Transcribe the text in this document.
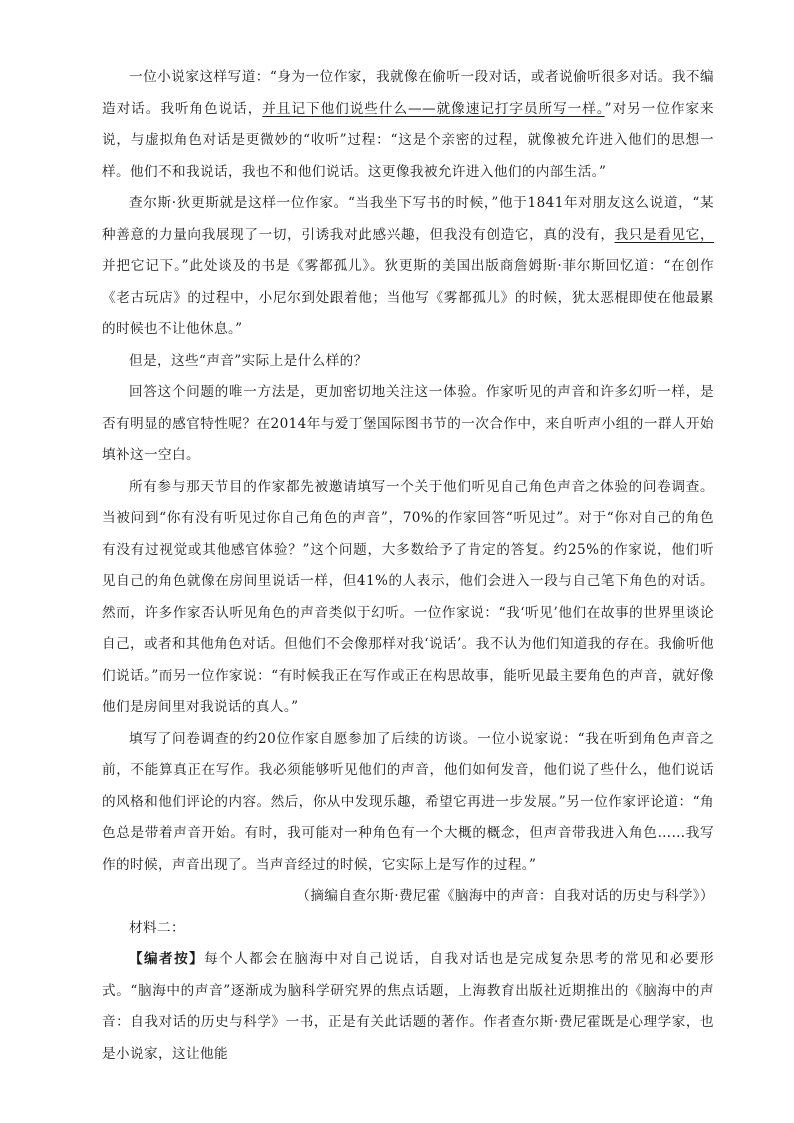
一位小说家这样写道：“身为一位作家，我就像在偷听一段对话，或者说偷听很多对话。我不编造对话。我听角色说话，并且记下他们说些什么——就像速记打字员所写一样。”对另一位作家来说，与虚拟角色对话是更微妙的“收听”过程：“这是个亲密的过程，就像被允许进入他们的思想一样。他们不和我说话，我也不和他们说话。这更像我被允许进入他们的内部生活。”

查尔斯·狄更斯就是这样一位作家。“当我坐下写书的时候，”他于1841年对朋友这么说道，“某种善意的力量向我展现了一切，引诱我对此感兴趣，但我没有创造它，真的没有，我只是看见它，并把它记下。”此处谈及的书是《雾都孤儿》。狄更斯的美国出版商詹姆斯·菲尔斯回忆道：“在创作《老古玩店》的过程中，小尼尔到处跟着他；当他写《雾都孤儿》的时候，犹太恶棍即使在他最累的时候也不让他休息。”

但是，这些“声音”实际上是什么样的？

回答这个问题的唯一方法是，更加密切地关注这一体验。作家听见的声音和许多幻听一样，是否有明显的感官特性呢？在2014年与爱丁堡国际图书节的一次合作中，来自听声小组的一群人开始填补这一空白。

所有参与那天节目的作家都先被邀请填写一个关于他们听见自己角色声音之体验的问卷调查。当被问到“你有没有听见过你自己角色的声音”，70%的作家回答“听见过”。对于“你对自己的角色有没有过视觉或其他感官体验？”这个问题，大多数给予了肯定的答复。约25%的作家说，他们听见自己的角色就像在房间里说话一样，但41%的人表示，他们会进入一段与自己笔下角色的对话。然而，许多作家否认听见角色的声音类似于幻听。一位作家说：“我‘听见’他们在故事的世界里谈论自己，或者和其他角色对话。但他们不会像那样对我‘说话’。我不认为他们知道我的存在。我偷听他们说话。”而另一位作家说：“有时候我正在写作或正在构思故事，能听见最主要角色的声音，就好像他们是房间里对我说话的真人。”

填写了问卷调查的约20位作家自愿参加了后续的访谈。一位小说家说：“我在听到角色声音之前，不能算真正在写作。我必须能够听见他们的声音，他们如何发音，他们说了些什么，他们说话的风格和他们评论的内容。然后，你从中发现乐趣，希望它再进一步发展。”另一位作家评论道：“角色总是带着声音开始。有时，我可能对一种角色有一个大概的概念，但声音带我进入角色……我写作的时候，声音出现了。当声音经过的时候，它实际上是写作的过程。”

（摘编自查尔斯·费尼霍《脑海中的声音：自我对话的历史与科学》）

材料二：

【编者按】每个人都会在脑海中对自己说话，自我对话也是完成复杂思考的常见和必要形式。“脑海中的声音”逐渐成为脑科学研究界的焦点话题，上海教育出版社近期推出的《脑海中的声音：自我对话的历史与科学》一书，正是有关此话题的著作。作者查尔斯·费尼霍既是心理学家，也是小说家，这让他能
